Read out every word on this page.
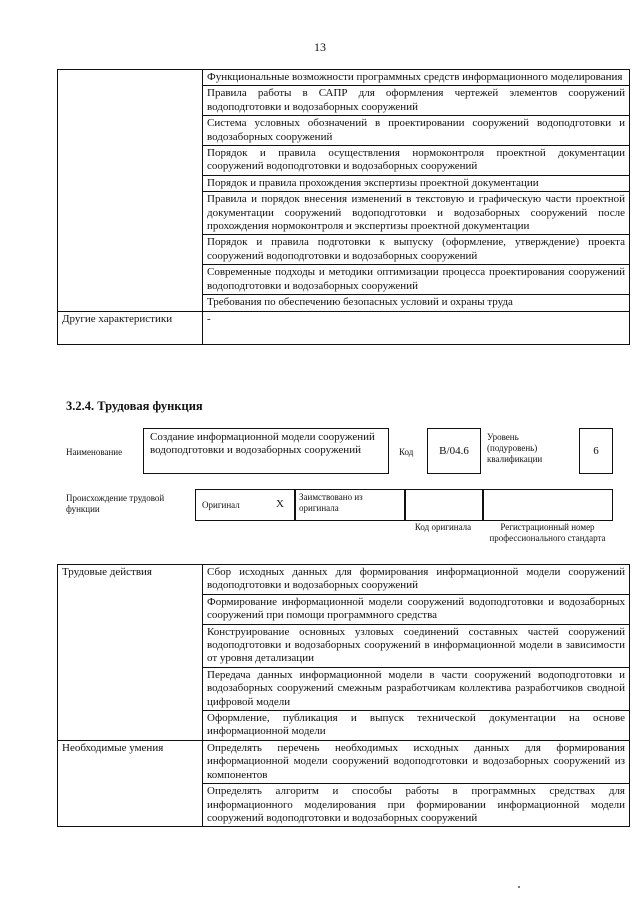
13
	Функциональные возможности программных средств информационного моделирования
	Правила работы в САПР для оформления чертежей элементов сооружений водоподготовки и водозаборных сооружений
	Система условных обозначений в проектировании сооружений водоподготовки и водозаборных сооружений
	Порядок и правила осуществления нормоконтроля проектной документации сооружений водоподготовки и водозаборных сооружений
	Порядок и правила прохождения экспертизы проектной документации
	Правила и порядок внесения изменений в текстовую и графическую части проектной документации сооружений водоподготовки и водозаборных сооружений после прохождения нормоконтроля и экспертизы проектной документации
	Порядок и правила подготовки к выпуску (оформление, утверждение) проекта сооружений водоподготовки и водозаборных сооружений
	Современные подходы и методики оптимизации процесса проектирования сооружений водоподготовки и водозаборных сооружений
	Требования по обеспечению безопасных условий и охраны труда
Другие характеристики	-
3.2.4. Трудовая функция
Наименование
Создание информационной модели сооружений водоподготовки и водозаборных сооружений	Код	B/04.6
Уровень (подуровень) квалификации
6
Происхождение трудовой функции	Оригинал	X
Заимствовано из оригинала
Код оригинала	Регистрационный номер профессионального стандарта
Трудовые действия	Сбор исходных данных для формирования информационной модели сооружений водоподготовки и водозаборных сооружений
	Формирование информационной модели сооружений водоподготовки и водозаборных сооружений при помощи программного средства
	Конструирование основных узловых соединений составных частей сооружений водоподготовки и водозаборных сооружений в информационной модели в зависимости от уровня детализации
	Передача данных информационной модели в части сооружений водоподготовки и водозаборных сооружений смежным разработчикам коллектива разработчиков сводной цифровой модели
	Оформление, публикация и выпуск технической документации на основе информационной модели
Необходимые умения	Определять перечень необходимых исходных данных для формирования информационной модели сооружений водоподготовки и водозаборных сооружений из компонентов
	Определять алгоритм и способы работы в программных средствах для информационного моделирования при формировании информационной модели сооружений водоподготовки и водозаборных сооружений
